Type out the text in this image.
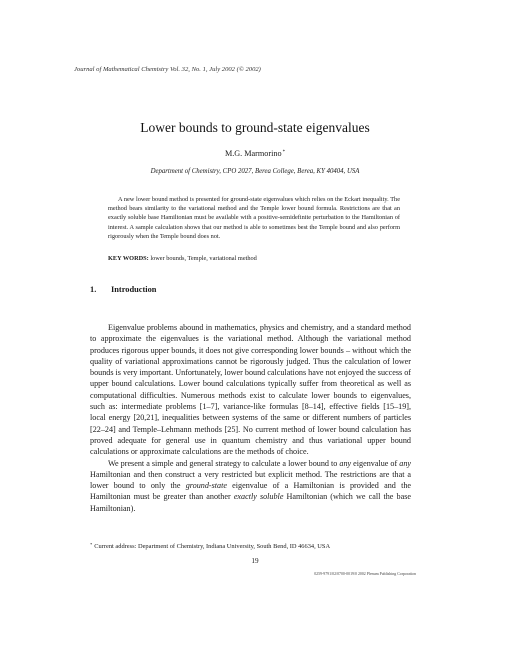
Journal of Mathematical Chemistry Vol. 32, No. 1, July 2002 (© 2002)
Lower bounds to ground-state eigenvalues
M.G. Marmorino*
Department of Chemistry, CPO 2027, Berea College, Berea, KY 40404, USA
A new lower bound method is presented for ground-state eigenvalues which relies on the Eckart inequality. The method bears similarity to the variational method and the Temple lower bound formula. Restrictions are that an exactly soluble base Hamiltonian must be available with a positive-semidefinite perturbation to the Hamiltonian of interest. A sample calculation shows that our method is able to sometimes best the Temple bound and also perform rigorously when the Temple bound does not.
KEY WORDS: lower bounds, Temple, variational method
1. Introduction

Eigenvalue problems abound in mathematics, physics and chemistry, and a standard method to approximate the eigenvalues is the variational method. Although the variational method produces rigorous upper bounds, it does not give corresponding lower bounds – without which the quality of variational approximations cannot be rigorously judged. Thus the calculation of lower bounds is very important. Unfortunately, lower bound calculations have not enjoyed the success of upper bound calculations. Lower bound calculations typically suffer from theoretical as well as computational difficulties. Numerous methods exist to calculate lower bounds to eigenvalues, such as: intermediate problems [1–7], variance-like formulas [8–14], effective fields [15–19], local energy [20,21], inequalities between systems of the same or different numbers of particles [22–24] and Temple–Lehmann methods [25]. No current method of lower bound calculation has proved adequate for general use in quantum chemistry and thus variational upper bound calculations or approximate calculations are the methods of choice.

We present a simple and general strategy to calculate a lower bound to any eigenvalue of any Hamiltonian and then construct a very restricted but explicit method. The restrictions are that a lower bound to only the ground-state eigenvalue of a Hamiltonian is provided and the Hamiltonian must be greater than another exactly soluble Hamiltonian (which we call the base Hamiltonian).

* Current address: Department of Chemistry, Indiana University, South Bend, ID 46634, USA
19
0259-9791/02/0700-0019/0 2002 Plenum Publishing Corporation
